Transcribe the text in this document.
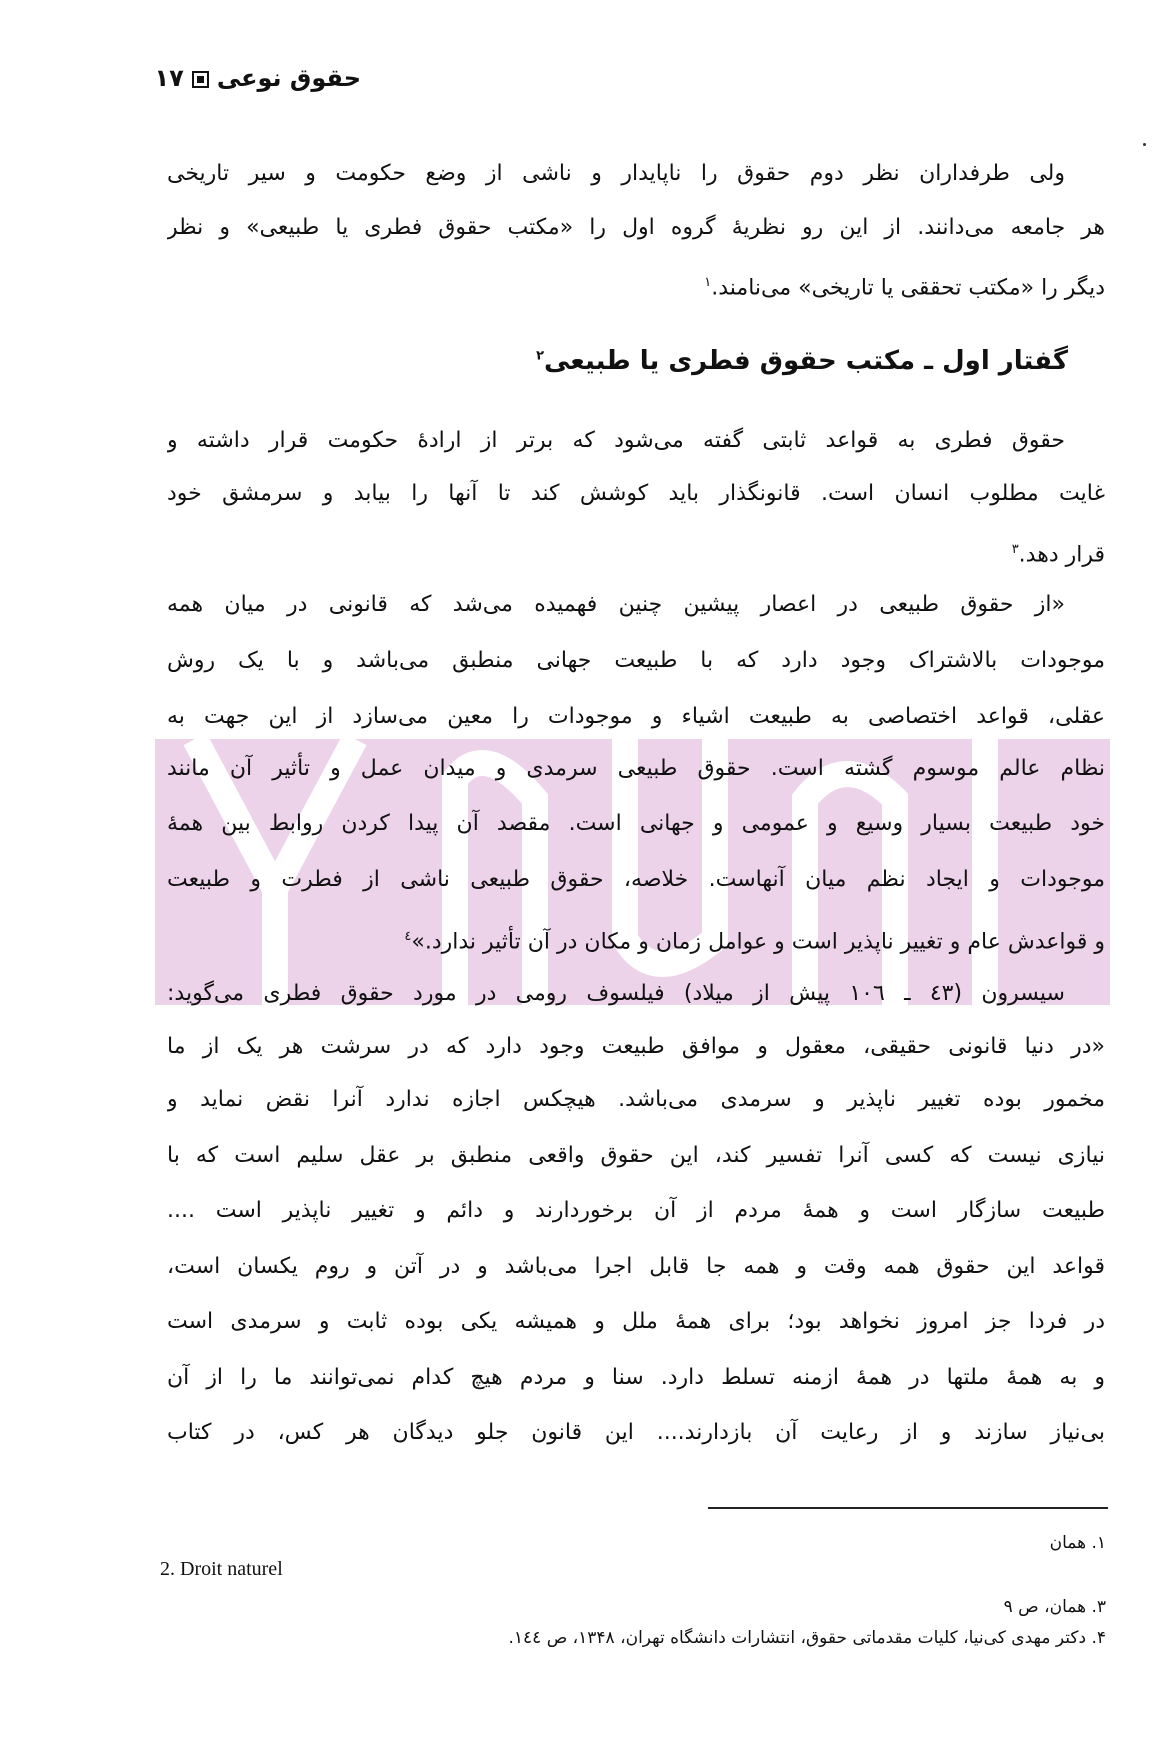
حقوق نوعی۱۷
ولی طرفداران نظر دوم حقوق را ناپایدار و ناشی از وضع حکومت و سیر تاریخی
هر جامعه می‌دانند. از این رو نظریهٔ گروه اول را «مکتب حقوق فطری یا طبیعی» و نظر
دیگر را «مکتب تحققی یا تاریخی» می‌نامند.$^۱$
گفتار اول ـ مکتب حقوق فطری یا طبیعی$^۲$
حقوق فطری به قواعد ثابتی گفته می‌شود که برتر از ارادهٔ حکومت قرار داشته و
غایت مطلوب انسان است. قانونگذار باید کوشش کند تا آنها را بیابد و سرمشق خود
قرار دهد.$^۳$
«از حقوق طبیعی در اعصار پیشین چنین فهمیده می‌شد که قانونی در میان همه
موجودات بالاشتراک وجود دارد که با طبیعت جهانی منطبق می‌باشد و با یک روش
عقلی، قواعد اختصاصی به طبیعت اشیاء و موجودات را معین می‌سازد از این جهت به
نظام عالم موسوم گشته است. حقوق طبیعی سرمدی و میدان عمل و تأثیر آن مانند
خود طبیعت بسیار وسیع و عمومی و جهانی است. مقصد آن پیدا کردن روابط بین همهٔ
موجودات و ایجاد نظم میان آنهاست. خلاصه، حقوق طبیعی ناشی از فطرت و طبیعت
و قواعدش عام و تغییر ناپذیر است و عوامل زمان و مکان در آن تأثیر ندارد.»$^٤$
سیسرون (٤٣ ـ ١٠٦ پیش از میلاد) فیلسوف رومی در مورد حقوق فطری می‌گوید:
«در دنیا قانونی حقیقی، معقول و موافق طبیعت وجود دارد که در سرشت هر یک از ما
مخمور بوده تغییر ناپذیر و سرمدی می‌باشد. هیچکس اجازه ندارد آنرا نقض نماید و
نیازی نیست که کسی آنرا تفسیر کند، این حقوق واقعی منطبق بر عقل سلیم است که با
طبیعت سازگار است و همهٔ مردم از آن برخوردارند و دائم و تغییر ناپذیر است ....
قواعد این حقوق همه وقت و همه جا قابل اجرا می‌باشد و در آتن و روم یکسان است،
در فردا جز امروز نخواهد بود؛ برای همهٔ ملل و همیشه یکی بوده ثابت و سرمدی است
و به همهٔ ملتها در همهٔ ازمنه تسلط دارد. سنا و مردم هیچ کدام نمی‌توانند ما را از آن
بی‌نیاز سازند و از رعایت آن بازدارند.... این قانون جلو دیدگان هر کس، در کتاب
۱. همان
2. Droit naturel
۳. همان، ص ۹
۴. دکتر مهدی کی‌نیا، کلیات مقدماتی حقوق، انتشارات دانشگاه تهران، ۱۳۴۸، ص ١٤٤.
